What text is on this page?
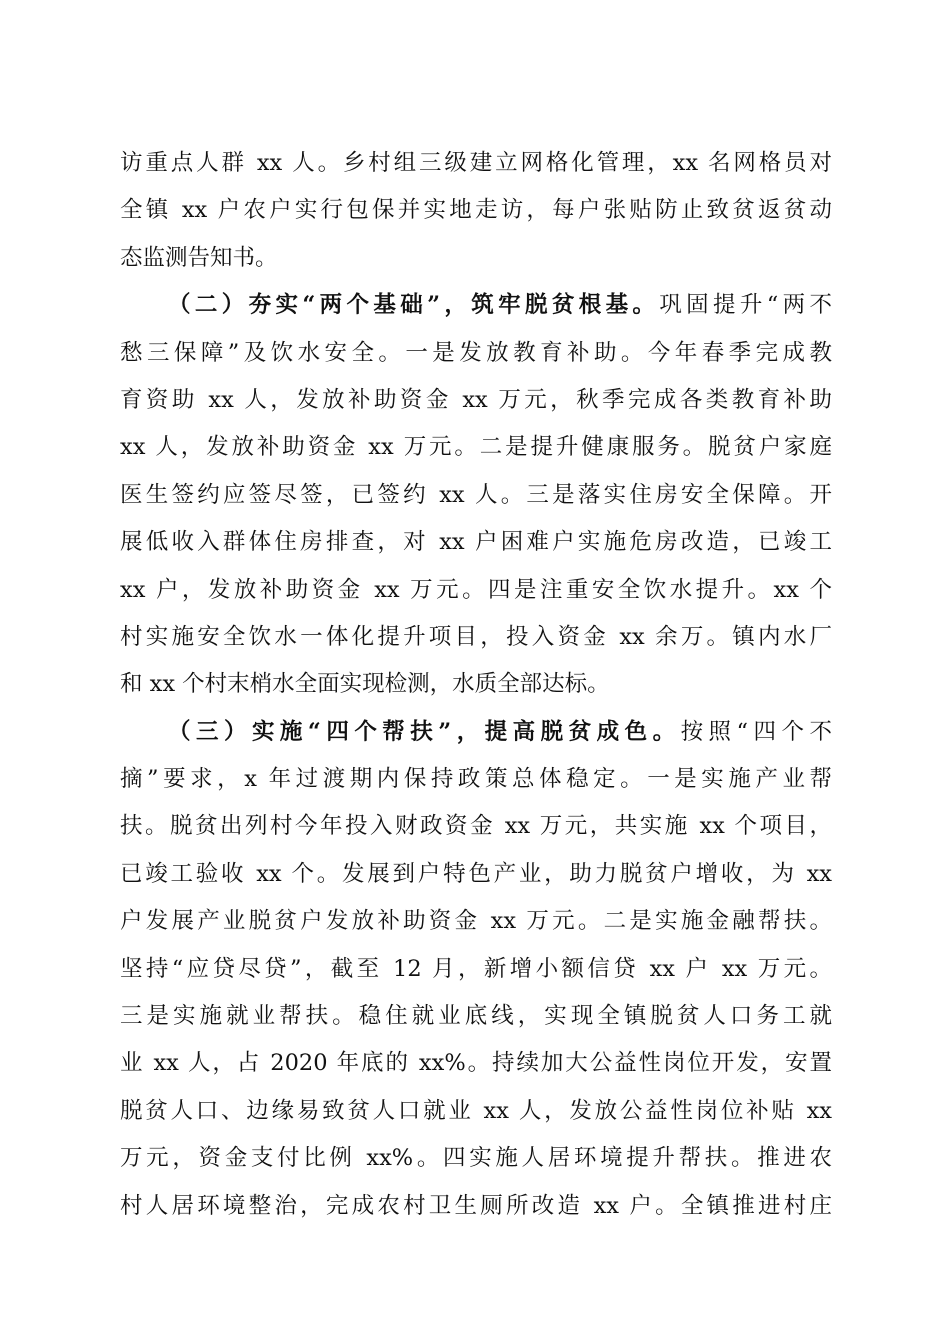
访重点人群 xx 人。乡村组三级建立网格化管理，xx 名网格员对
全镇 xx 户农户实行包保并实地走访，每户张贴防止致贫返贫动
态监测告知书。
（二）夯实“两个基础”，筑牢脱贫根基。巩固提升“两不
愁三保障”及饮水安全。一是发放教育补助。今年春季完成教
育资助 xx 人，发放补助资金 xx 万元，秋季完成各类教育补助
xx 人，发放补助资金 xx 万元。二是提升健康服务。脱贫户家庭
医生签约应签尽签，已签约 xx 人。三是落实住房安全保障。开
展低收入群体住房排查，对 xx 户困难户实施危房改造，已竣工
xx 户，发放补助资金 xx 万元。四是注重安全饮水提升。xx 个
村实施安全饮水一体化提升项目，投入资金 xx 余万。镇内水厂
和 xx 个村末梢水全面实现检测，水质全部达标。
（三）实施“四个帮扶”，提高脱贫成色。按照“四个不
摘”要求，x 年过渡期内保持政策总体稳定。一是实施产业帮
扶。脱贫出列村今年投入财政资金 xx 万元，共实施 xx 个项目，
已竣工验收 xx 个。发展到户特色产业，助力脱贫户增收，为 xx
户发展产业脱贫户发放补助资金 xx 万元。二是实施金融帮扶。
坚持“应贷尽贷”，截至 12 月，新增小额信贷 xx 户 xx 万元。
三是实施就业帮扶。稳住就业底线，实现全镇脱贫人口务工就
业 xx 人，占 2020 年底的 xx%。持续加大公益性岗位开发，安置
脱贫人口、边缘易致贫人口就业 xx 人，发放公益性岗位补贴 xx
万元，资金支付比例 xx%。四实施人居环境提升帮扶。推进农
村人居环境整治，完成农村卫生厕所改造 xx 户。全镇推进村庄
